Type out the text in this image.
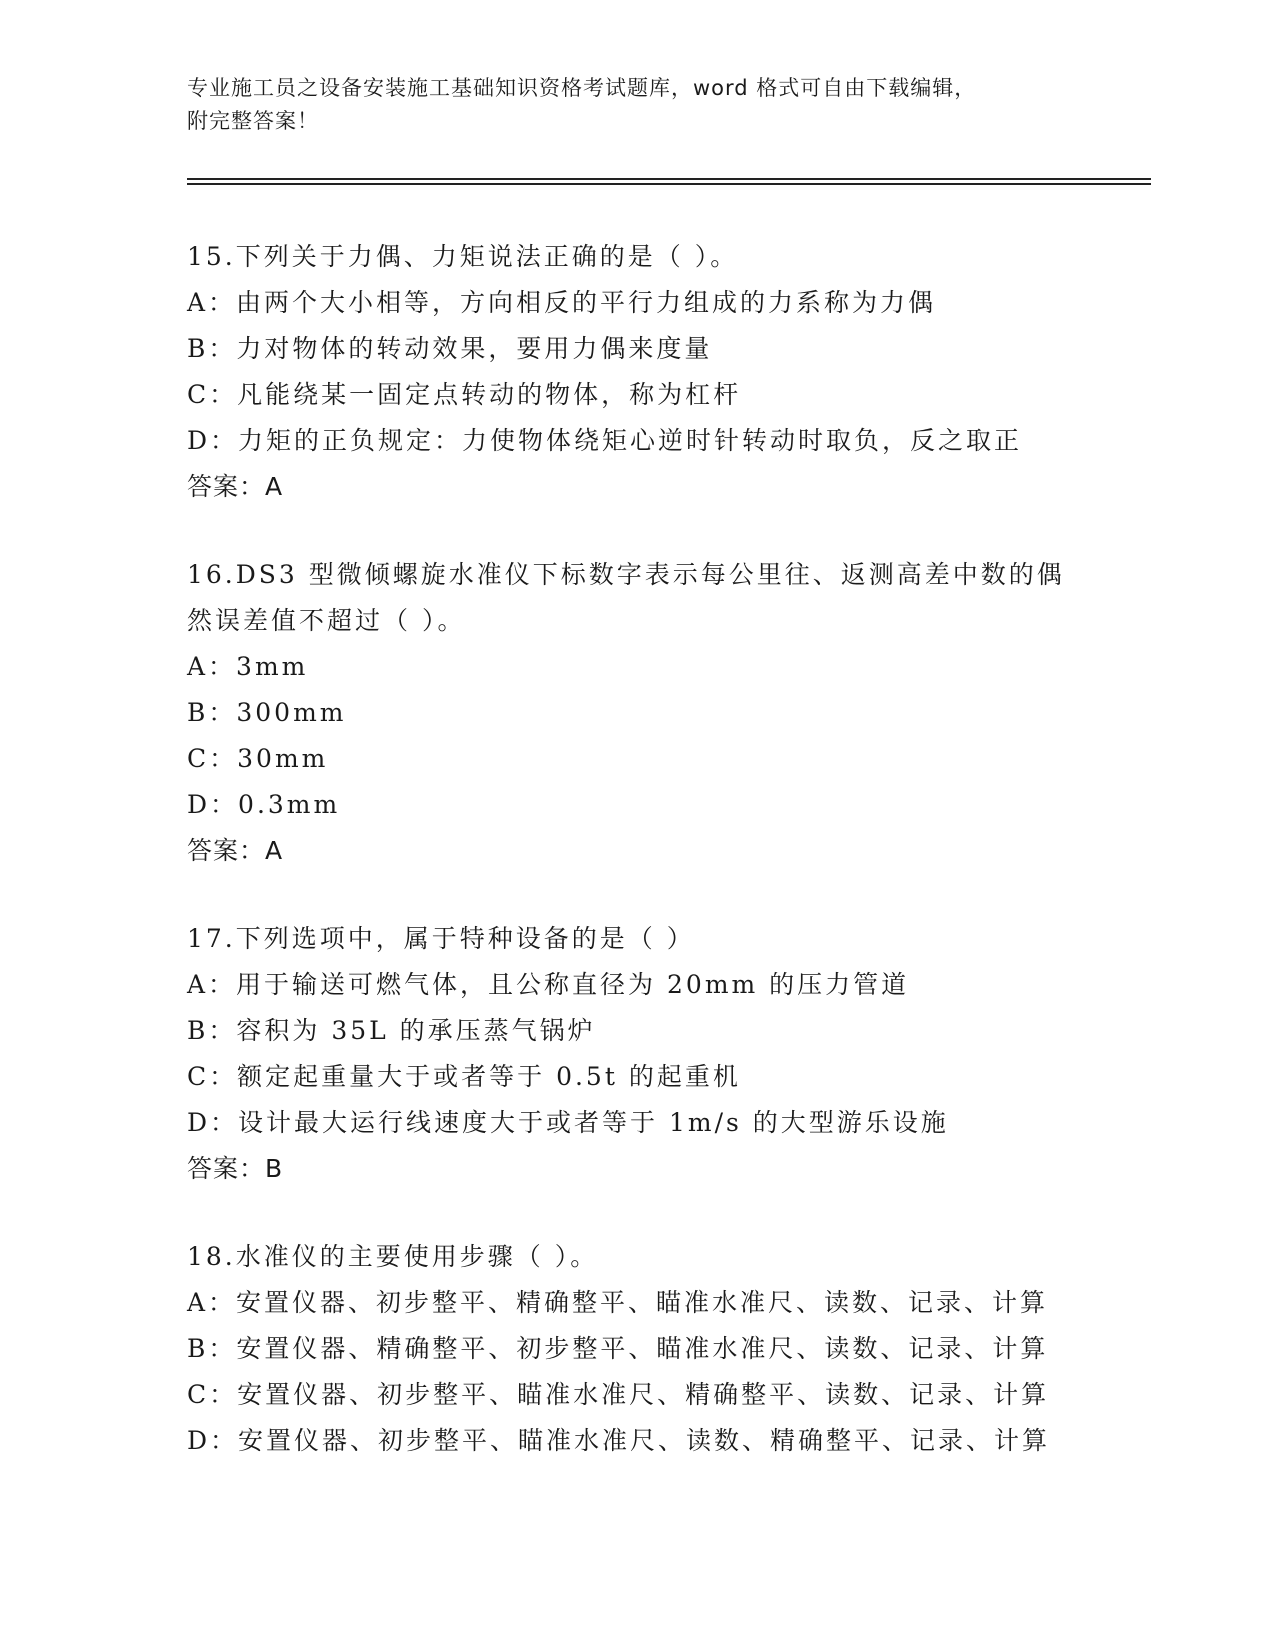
专业施工员之设备安装施工基础知识资格考试题库，word 格式可自由下载编辑，
附完整答案！
15.下列关于力偶、力矩说法正确的是（ ）。
A：由两个大小相等，方向相反的平行力组成的力系称为力偶
B：力对物体的转动效果，要用力偶来度量
C：凡能绕某一固定点转动的物体，称为杠杆
D：力矩的正负规定：力使物体绕矩心逆时针转动时取负，反之取正
答案：A
16.DS3 型微倾螺旋水准仪下标数字表示每公里往、返测高差中数的偶
然误差值不超过（ ）。
A：3mm
B：300mm
C：30mm
D：0.3mm
答案：A
17.下列选项中，属于特种设备的是（ ）
A：用于输送可燃气体，且公称直径为 20mm 的压力管道
B：容积为 35L 的承压蒸气锅炉
C：额定起重量大于或者等于 0.5t 的起重机
D：设计最大运行线速度大于或者等于 1m/s 的大型游乐设施
答案：B
18.水准仪的主要使用步骤（ ）。
A：安置仪器、初步整平、精确整平、瞄准水准尺、读数、记录、计算
B：安置仪器、精确整平、初步整平、瞄准水准尺、读数、记录、计算
C：安置仪器、初步整平、瞄准水准尺、精确整平、读数、记录、计算
D：安置仪器、初步整平、瞄准水准尺、读数、精确整平、记录、计算
